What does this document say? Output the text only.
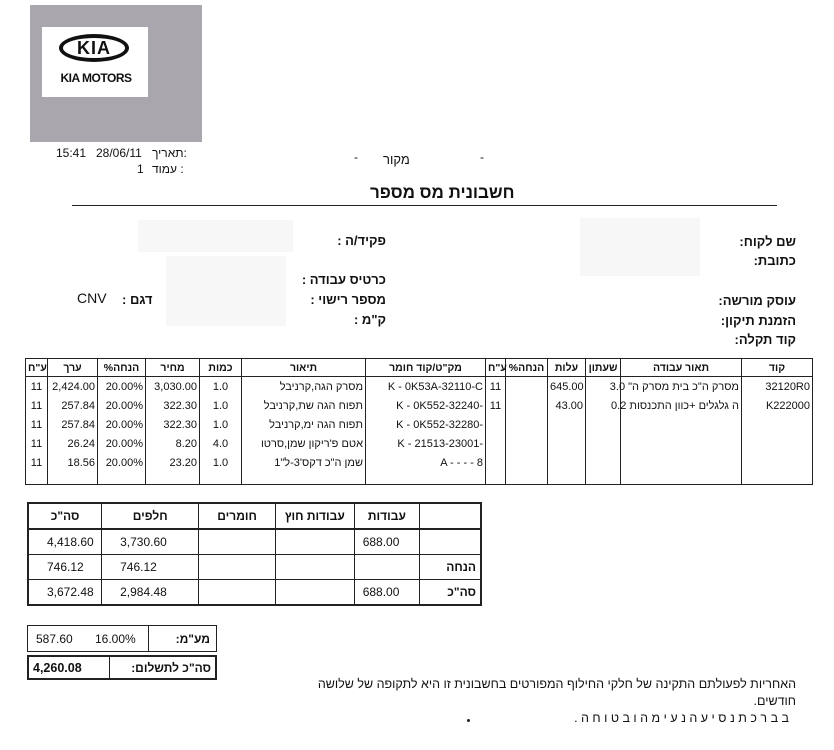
KIA
KIA MOTORS
תאריך:
28/06/11
15:41
עמוד :
1
- מקור	-
חשבונית מס מספר
שם לקוח:
כתובת:
עוסק מורשה:
הזמנת תיקון:
קוד תקלה:
פקיד/ה :
כרטיס עבודה :
מספר רישוי :
ק"מ :
דגם :
CNV
ע"ח	ערך	%הנחה	מחיר	כמות	תיאור	מק"ט/קוד חומר	ע"ח	%הנחה	עלות	שעתון	תאור עבודה	קוד
11	2,424.00	20.00%	3,030.00	1.0	מסרק הגה,קרניבל	K - 0K53A-32110-C	11		645.00		מסרק ה"כ בית מסרק ה" 3.0	32120R0
11	257.84	20.00%	322.30	1.0	תפוח הגה שת,קרניבל	K - 0K552-32240-	11		43.00		ה גלגלים +כוון התכנסות 0.2	K222000
11	257.84	20.00%	322.30	1.0	תפוח הגה ימ,קרניבל	K - 0K552-32280-						
11	26.24	20.00%	8.20	4.0	אטם פ'ריקון שמן,סרטו	K - 21513-23001-						
11	18.56	20.00%	23.20	1.0	שמן ה"כ דקס'3-ל"1	A - - - - 8						

סה"כ	חלפים	חומרים	עבודות חוץ	עבודות	
4,418.60	3,730.60			688.00	
746.12	746.12				הנחה
3,672.48	2,984.48			688.00	סה"כ
587.60 16.00%	מע"מ:
4,260.08	סה"כ לתשלום:
האחריות לפעולתם התקינה של חלקי החילוף המפורטים בחשבונית זו היא לתקופה של שלושה
חודשים.
ב ב ר כ ת נ ס י ע ה נ ע י מ ה ו ב ט ו ח ה .
